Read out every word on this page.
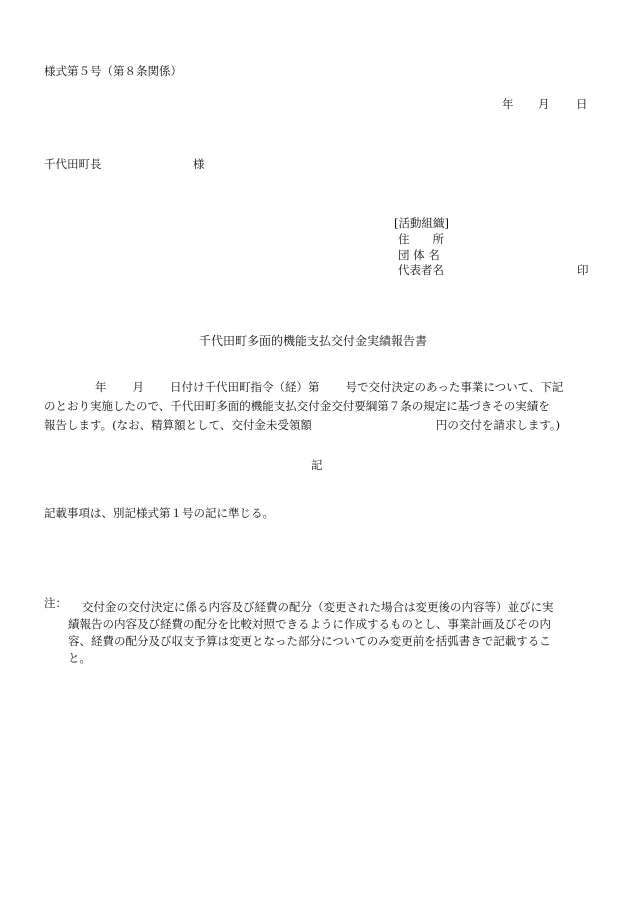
様式第５号（第８条関係）
年 月 日
千代田町長	様
[活動組織]
住　　所
団 体 名
代表者名	印
千代田町多面的機能支払交付金実績報告書
年 月 日付け千代田町指令（経）第 号で交付決定のあった事業について、下記
のとおり実施したので、千代田町多面的機能支払交付金交付要綱第７条の規定に基づきその実績を
報告します。(なお、精算額として、交付金未受領額	円の交付を請求します。)
記
記載事項は、別記様式第１号の記に準じる。
注： 交付金の交付決定に係る内容及び経費の配分（変更された場合は変更後の内容等）並びに実
績報告の内容及び経費の配分を比較対照できるように作成するものとし、事業計画及びその内
容、経費の配分及び収支予算は変更となった部分についてのみ変更前を括弧書きで記載するこ
と。
